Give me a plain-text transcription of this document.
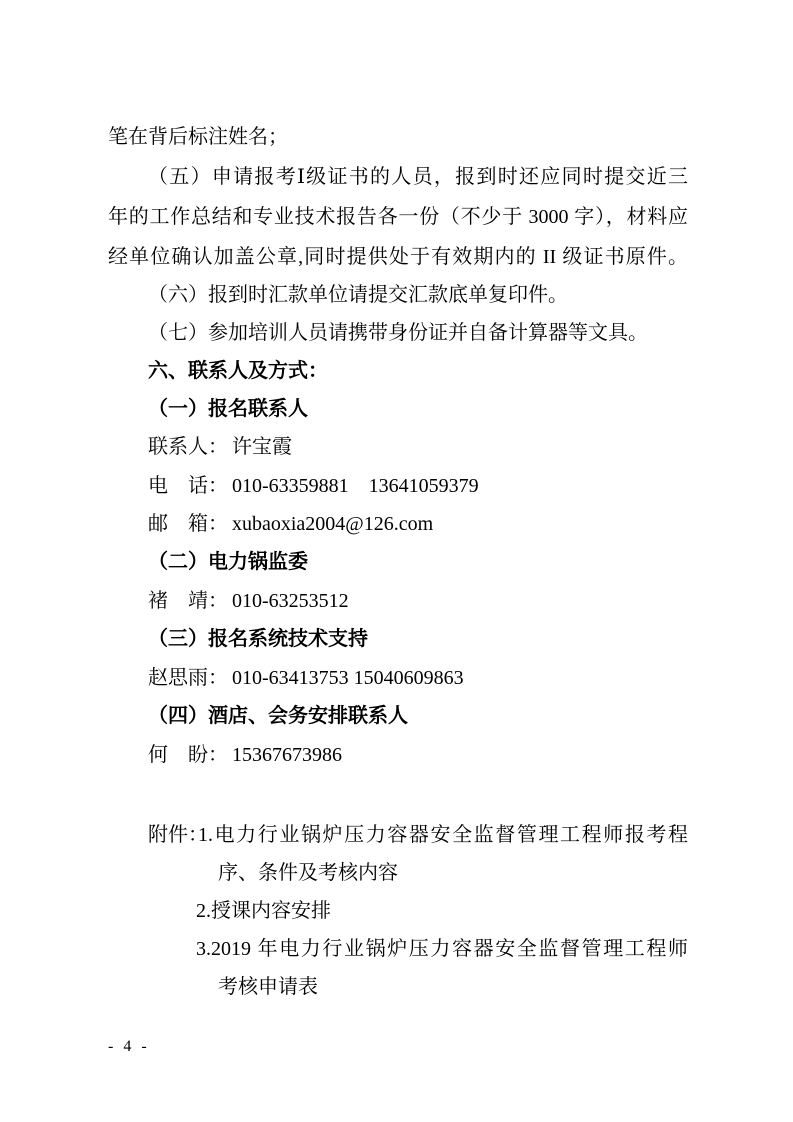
笔在背后标注姓名；
（五）申请报考Ⅰ级证书的人员，报到时还应同时提交近三
年的工作总结和专业技术报告各一份（不少于 3000 字），材料应
经单位确认加盖公章,同时提供处于有效期内的 II 级证书原件。
（六）报到时汇款单位请提交汇款底单复印件。
（七）参加培训人员请携带身份证并自备计算器等文具。
六、联系人及方式：
（一）报名联系人
联系人： 许宝霞
电　话： 010-63359881　13641059379
邮　箱： xubaoxia2004@126.com
（二）电力锅监委
褚　靖： 010-63253512
（三）报名系统技术支持
赵思雨： 010-63413753 15040609863
（四）酒店、会务安排联系人
何　盼： 15367673986
附件：
1.电力行业锅炉压力容器安全监督管理工程师报考程
序、条件及考核内容
2.授课内容安排
3.2019 年电力行业锅炉压力容器安全监督管理工程师
考核申请表
- 4 -
